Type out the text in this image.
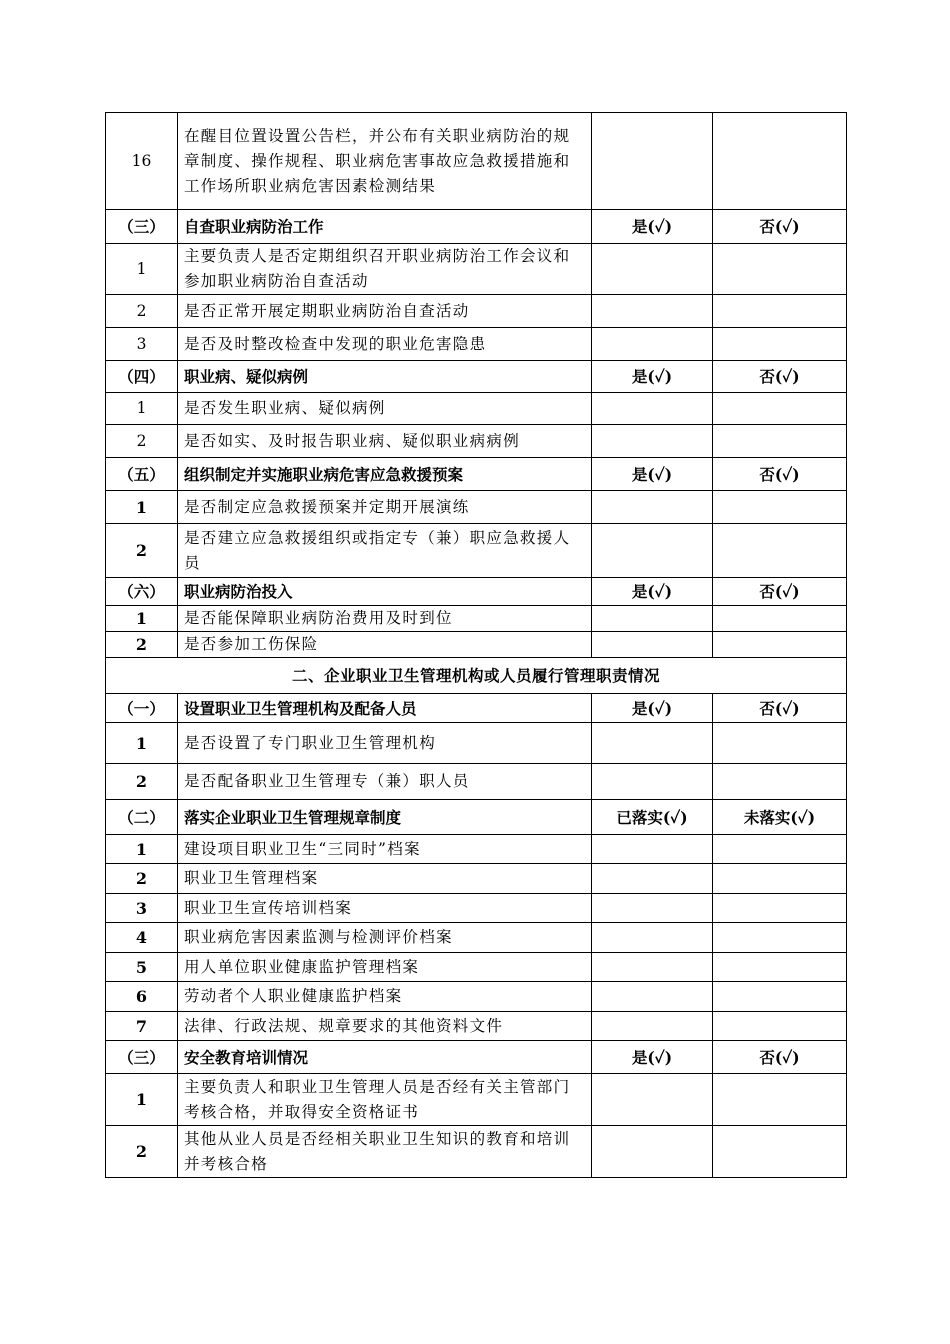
16	在醒目位置设置公告栏，并公布有关职业病防治的规章制度、操作规程、职业病危害事故应急救援措施和工作场所职业病危害因素检测结果		
（三）	自查职业病防治工作	是(✓)	否(✓)
1	主要负责人是否定期组织召开职业病防治工作会议和参加职业病防治自查活动		
2	是否正常开展定期职业病防治自查活动		
3	是否及时整改检查中发现的职业危害隐患		
（四）	职业病、疑似病例	是(✓)	否(✓)
1	是否发生职业病、疑似病例		
2	是否如实、及时报告职业病、疑似职业病病例		
（五）	组织制定并实施职业病危害应急救援预案	是(✓)	否(✓)
1	是否制定应急救援预案并定期开展演练		
2	是否建立应急救援组织或指定专（兼）职应急救援人员		
（六）	职业病防治投入	是(✓)	否(✓)
1	是否能保障职业病防治费用及时到位		
2	是否参加工伤保险		
二、企业职业卫生管理机构或人员履行管理职责情况			
（一）	设置职业卫生管理机构及配备人员	是(✓)	否(✓)
1	是否设置了专门职业卫生管理机构		
2	是否配备职业卫生管理专（兼）职人员		
（二）	落实企业职业卫生管理规章制度	已落实(✓)	未落实(✓)
1	建设项目职业卫生“三同时”档案		
2	职业卫生管理档案		
3	职业卫生宣传培训档案		
4	职业病危害因素监测与检测评价档案		
5	用人单位职业健康监护管理档案		
6	劳动者个人职业健康监护档案		
7	法律、行政法规、规章要求的其他资料文件		
（三）	安全教育培训情况	是(✓)	否(✓)
1	主要负责人和职业卫生管理人员是否经有关主管部门考核合格，并取得安全资格证书		
2	其他从业人员是否经相关职业卫生知识的教育和培训并考核合格		
